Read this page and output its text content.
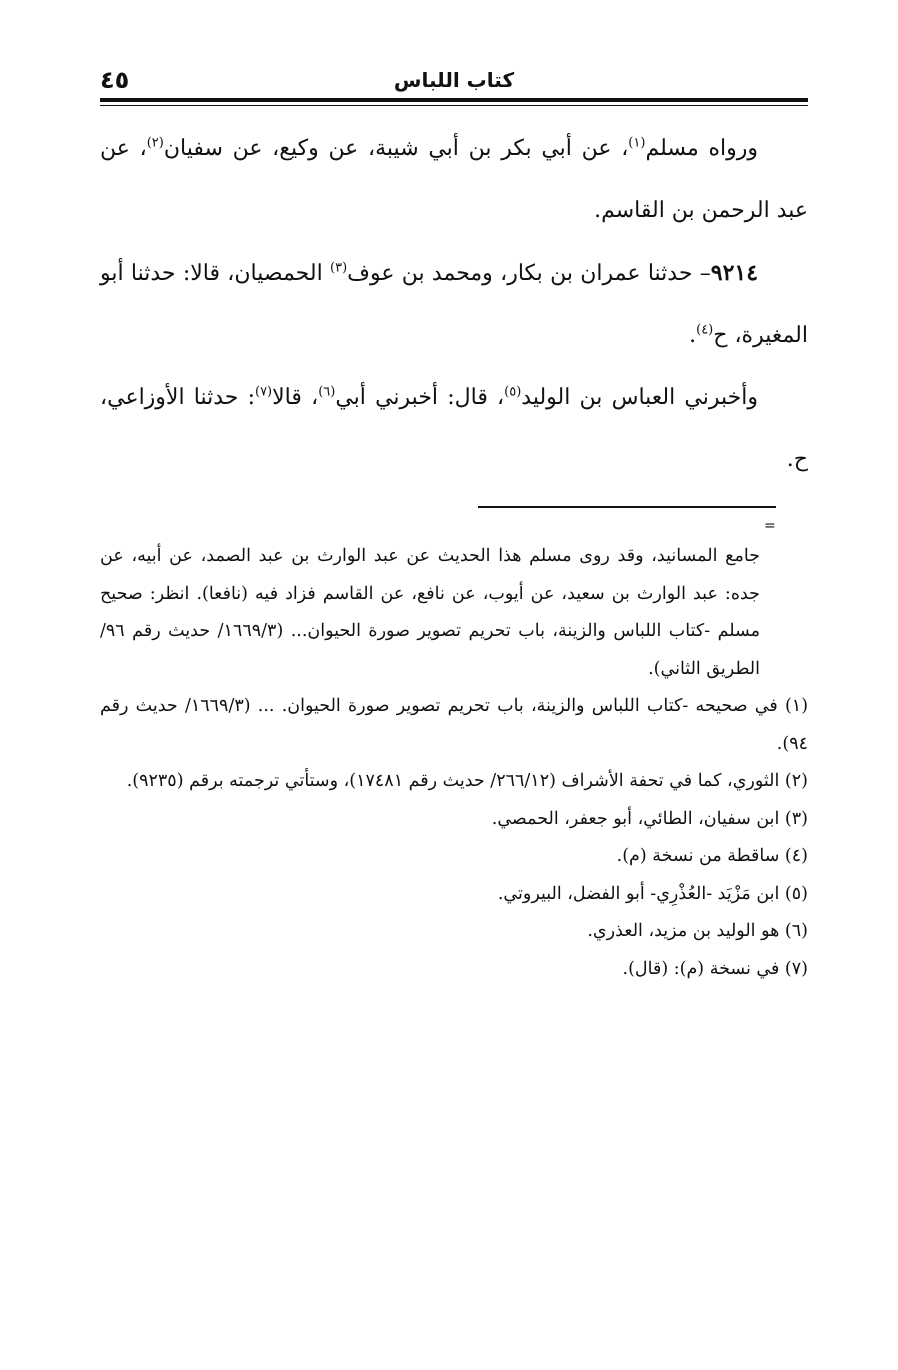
٤٥	كتاب اللباس

ورواه مسلم$^{(١)}$، عن أبي بكر بن أبي شيبة، عن وكيع، عن سفيان$^{(٢)}$، عن عبد الرحمن بن القاسم.

٩٢١٤– حدثنا عمران بن بكار، ومحمد بن عوف$^{(٣)}$ الحمصيان، قالا: حدثنا أبو المغيرة، ح$^{(٤)}$.

وأخبرني العباس بن الوليد$^{(٥)}$، قال: أخبرني أبي$^{(٦)}$، قالا$^{(٧)}$: حدثنا الأوزاعي، ح.

=

جامع المسانيد، وقد روى مسلم هذا الحديث عن عبد الوارث بن عبد الصمد، عن أبيه، عن جده: عبد الوارث بن سعيد، عن أيوب، عن نافع، عن القاسم فزاد فيه (نافعا). انظر: صحيح مسلم -كتاب اللباس والزينة، باب تحريم تصوير صورة الحيوان... (١٦٦٩/٣/ حديث رقم ٩٦/ الطريق الثاني).

(١) في صحيحه -كتاب اللباس والزينة، باب تحريم تصوير صورة الحيوان. ... (١٦٦٩/٣/ حديث رقم ٩٤).

(٢) الثوري، كما في تحفة الأشراف (٢٦٦/١٢/ حديث رقم ١٧٤٨١)، وستأتي ترجمته برقم (٩٢٣٥).

(٣) ابن سفيان، الطائي، أبو جعفر، الحمصي.

(٤) ساقطة من نسخة (م).

(٥) ابن مَزْيَد -العُذْرِي- أبو الفضل، البيروتي.

(٦) هو الوليد بن مزيد، العذري.

(٧) في نسخة (م): (قال).
